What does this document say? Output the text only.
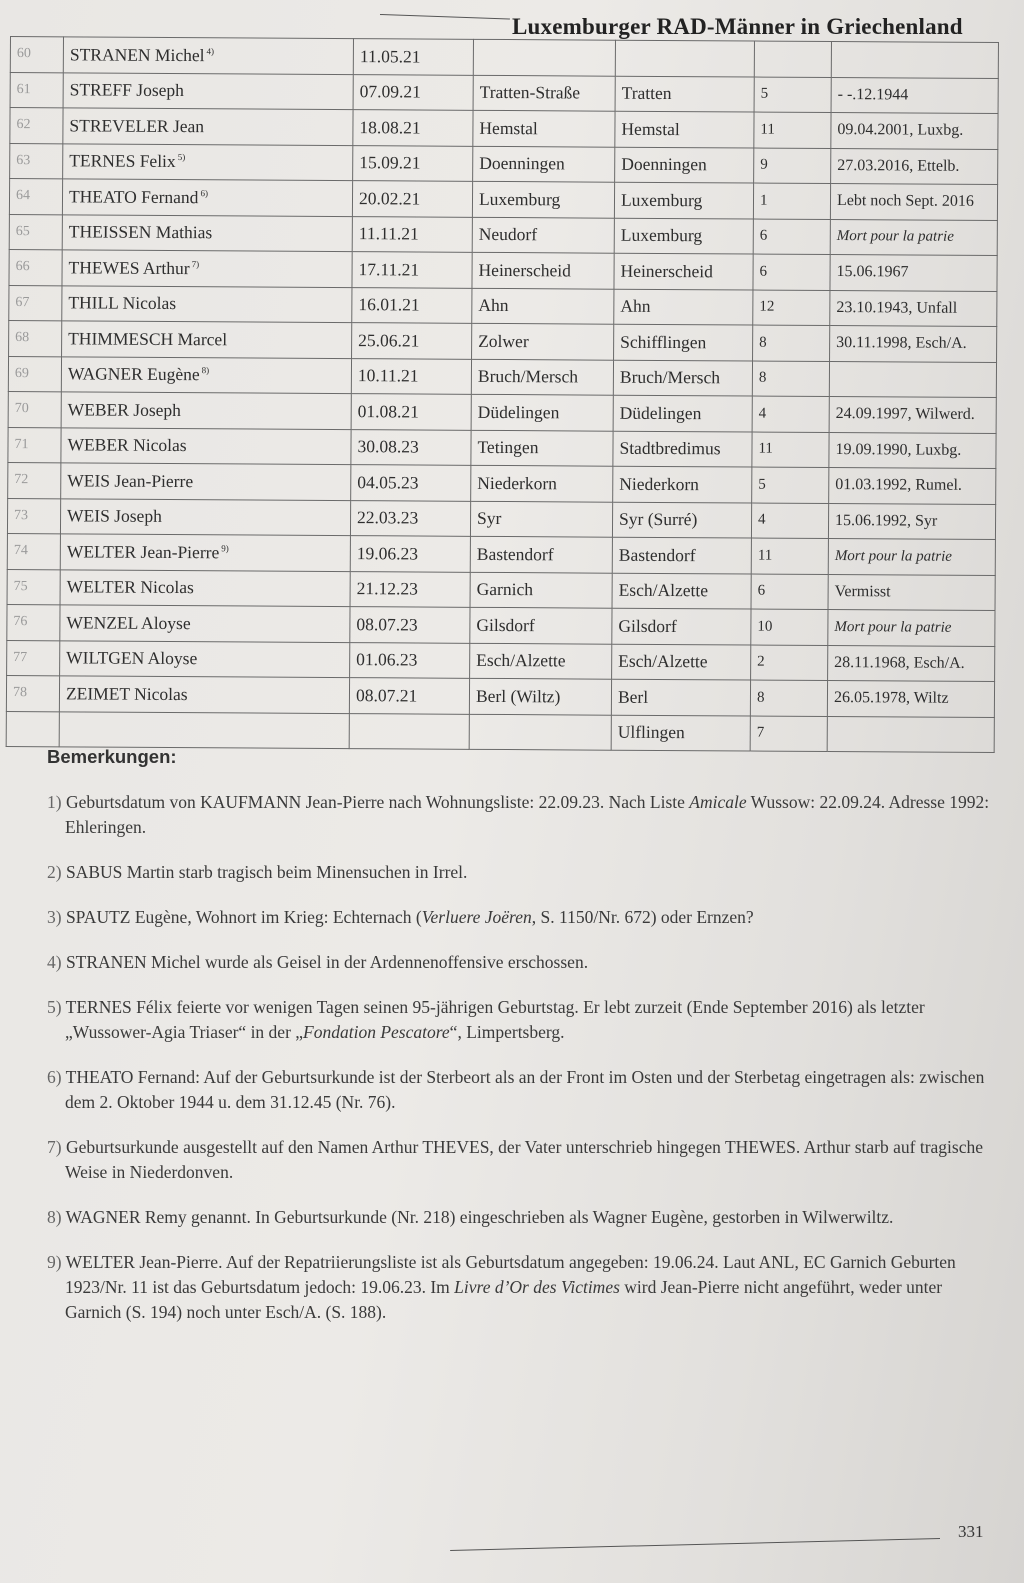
Luxemburger RAD-Männer in Griechenland
60	STRANEN Michel $^{4)}$	11.05.21				
61	STREFF Joseph	07.09.21	Tratten-Straße	Tratten	5	- -.12.1944
62	STREVELER Jean	18.08.21	Hemstal	Hemstal	11	09.04.2001, Luxbg.
63	TERNES Felix $^{5)}$	15.09.21	Doenningen	Doenningen	9	27.03.2016, Ettelb.
64	THEATO Fernand $^{6)}$	20.02.21	Luxemburg	Luxemburg	1	Lebt noch Sept. 2016
65	THEISSEN Mathias	11.11.21	Neudorf	Luxemburg	6	Mort pour la patrie
66	THEWES Arthur $^{7)}$	17.11.21	Heinerscheid	Heinerscheid	6	15.06.1967
67	THILL Nicolas	16.01.21	Ahn	Ahn	12	23.10.1943, Unfall
68	THIMMESCH Marcel	25.06.21	Zolwer	Schifflingen	8	30.11.1998, Esch/A.
69	WAGNER Eugène $^{8)}$	10.11.21	Bruch/Mersch	Bruch/Mersch	8	
70	WEBER Joseph	01.08.21	Düdelingen	Düdelingen	4	24.09.1997, Wilwerd.
71	WEBER Nicolas	30.08.23	Tetingen	Stadtbredimus	11	19.09.1990, Luxbg.
72	WEIS Jean-Pierre	04.05.23	Niederkorn	Niederkorn	5	01.03.1992, Rumel.
73	WEIS Joseph	22.03.23	Syr	Syr (Surré)	4	15.06.1992, Syr
74	WELTER Jean-Pierre $^{9)}$	19.06.23	Bastendorf	Bastendorf	11	Mort pour la patrie
75	WELTER Nicolas	21.12.23	Garnich	Esch/Alzette	6	Vermisst
76	WENZEL Aloyse	08.07.23	Gilsdorf	Gilsdorf	10	Mort pour la patrie
77	WILTGEN Aloyse	01.06.23	Esch/Alzette	Esch/Alzette	2	28.11.1968, Esch/A.
78	ZEIMET Nicolas	08.07.21	Berl (Wiltz)	Berl	8	26.05.1978, Wiltz
				Ulflingen	7	
Bemerkungen:

1) Geburtsdatum von KAUFMANN Jean-Pierre nach Wohnungsliste: 22.09.23. Nach Liste Amicale Wussow: 22.09.24. Adresse 1992: Ehleringen.

2) SABUS Martin starb tragisch beim Minensuchen in Irrel.

3) SPAUTZ Eugène, Wohnort im Krieg: Echternach (Verluere Joëren, S. 1150/Nr. 672) oder Ernzen?

4) STRANEN Michel wurde als Geisel in der Ardennenoffensive erschossen.

5) TERNES Félix feierte vor wenigen Tagen seinen 95-jährigen Geburtstag. Er lebt zurzeit (Ende September 2016) als letzter „Wussower-Agia Triaser“ in der „Fondation Pescatore“, Limpertsberg.

6) THEATO Fernand: Auf der Geburtsurkunde ist der Sterbeort als an der Front im Osten und der Sterbetag eingetragen als: zwischen dem 2. Oktober 1944 u. dem 31.12.45 (Nr. 76).

7) Geburtsurkunde ausgestellt auf den Namen Arthur THEVES, der Vater unterschrieb hingegen THEWES. Arthur starb auf tragische Weise in Niederdonven.

8) WAGNER Remy genannt. In Geburtsurkunde (Nr. 218) eingeschrieben als Wagner Eugène, gestorben in Wilwerwiltz.

9) WELTER Jean-Pierre. Auf der Repatriierungsliste ist als Geburtsdatum angegeben: 19.06.24. Laut ANL, EC Garnich Geburten 1923/Nr. 11 ist das Geburtsdatum jedoch: 19.06.23. Im Livre d’Or des Victimes wird Jean-Pierre nicht angeführt, weder unter Garnich (S. 194) noch unter Esch/A. (S. 188).

331
